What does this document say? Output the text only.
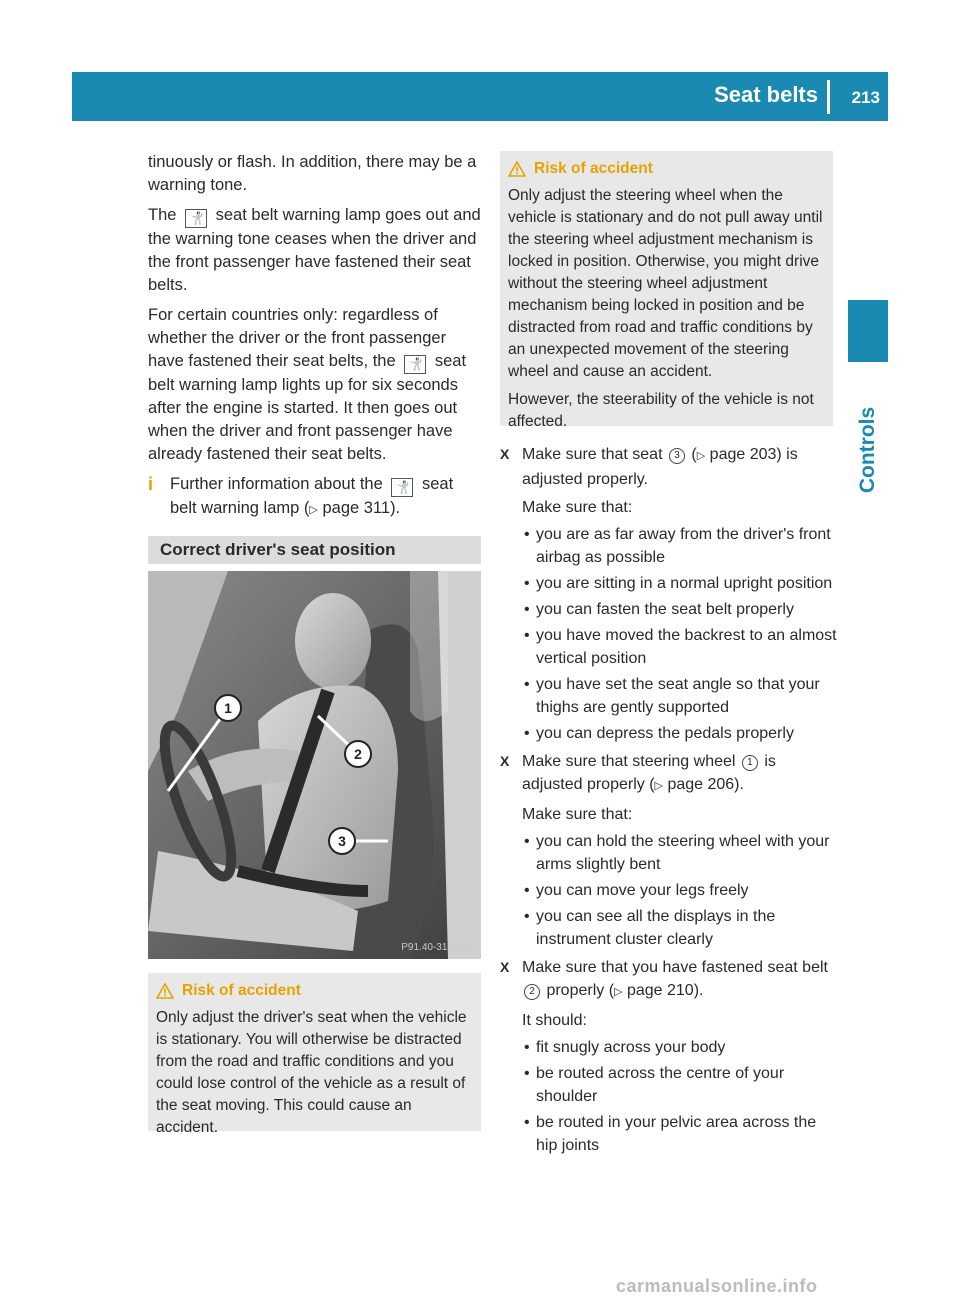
Seat belts 213
Controls

tinuously or flash. In addition, there may be a warning tone.

The 🤺 seat belt warning lamp goes out and the warning tone ceases when the driver and the front passenger have fastened their seat belts.

For certain countries only: regardless of whether the driver or the front passenger have fastened their seat belts, the 🤺 seat belt warning lamp lights up for six seconds after the engine is started. It then goes out when the driver and front passenger have already fastened their seat belts.

i	Further information about the 🤺 seat belt warning lamp (▷ page 311).
Correct driver's seat position
1
2
3
P91.40-3130-31
Risk of accident

Only adjust the driver's seat when the vehicle is stationary. You will otherwise be distracted from the road and traffic conditions and you could lose control of the vehicle as a result of the seat moving. This could cause an accident.

Risk of accident

Only adjust the steering wheel when the vehicle is stationary and do not pull away until the steering wheel adjustment mechanism is locked in position. Otherwise, you might drive without the steering wheel adjustment mechanism being locked in position and be distracted from road and traffic conditions by an unexpected movement of the steering wheel and cause an accident.

However, the steerability of the vehicle is not affected.

X Make sure that seat 3 (▷ page 203) is adjusted properly.
Make sure that:
• you are as far away from the driver's front airbag as possible
• you are sitting in a normal upright position
• you can fasten the seat belt properly
• you have moved the backrest to an almost vertical position
• you have set the seat angle so that your thighs are gently supported
• you can depress the pedals properly
X Make sure that steering wheel 1 is adjusted properly (▷ page 206).
Make sure that:
• you can hold the steering wheel with your arms slightly bent
• you can move your legs freely
• you can see all the displays in the instrument cluster clearly
X Make sure that you have fastened seat belt 2 properly (▷ page 210).
It should:
• fit snugly across your body
• be routed across the centre of your shoulder
• be routed in your pelvic area across the hip joints
carmanualsonline.info
